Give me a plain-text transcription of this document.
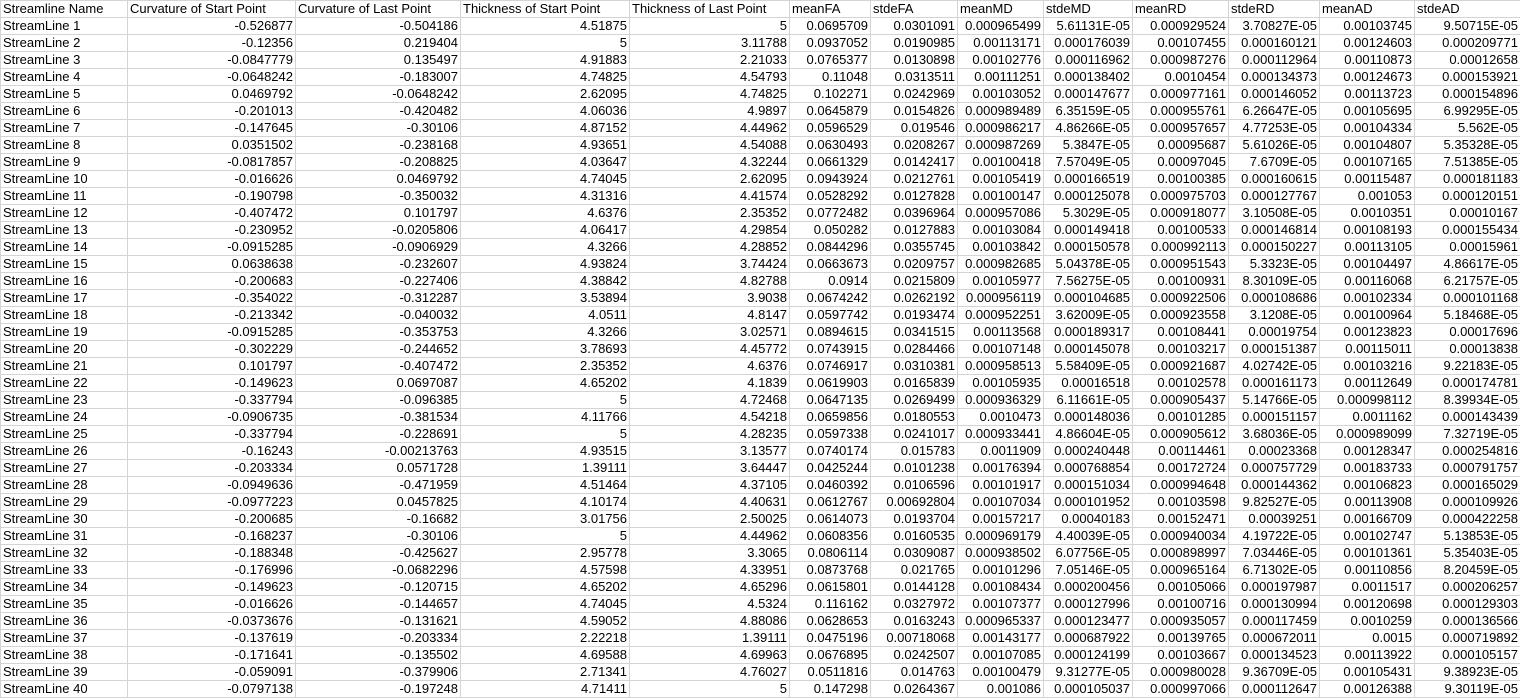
Streamline Name	Curvature of Start Point	Curvature of Last Point	Thickness of Start Point	Thickness of Last Point	meanFA	stdeFA	meanMD	stdeMD	meanRD	stdeRD	meanAD	stdeAD
StreamLine 1	-0.526877	-0.504186	4.51875	5	0.0695709	0.0301091	0.000965499	5.61131E-05	0.000929524	3.70827E-05	0.00103745	9.50715E-05
StreamLine 2	-0.12356	0.219404	5	3.11788	0.0937052	0.0190985	0.00113171	0.000176039	0.00107455	0.000160121	0.00124603	0.000209771
StreamLine 3	-0.0847779	0.135497	4.91883	2.21033	0.0765377	0.0130898	0.00102776	0.000116962	0.000987276	0.000112964	0.00110873	0.00012658
StreamLine 4	-0.0648242	-0.183007	4.74825	4.54793	0.11048	0.0313511	0.00111251	0.000138402	0.0010454	0.000134373	0.00124673	0.000153921
StreamLine 5	0.0469792	-0.0648242	2.62095	4.74825	0.102271	0.0242969	0.00103052	0.000147677	0.000977161	0.000146052	0.00113723	0.000154896
StreamLine 6	-0.201013	-0.420482	4.06036	4.9897	0.0645879	0.0154826	0.000989489	6.35159E-05	0.000955761	6.26647E-05	0.00105695	6.99295E-05
StreamLine 7	-0.147645	-0.30106	4.87152	4.44962	0.0596529	0.019546	0.000986217	4.86266E-05	0.000957657	4.77253E-05	0.00104334	5.562E-05
StreamLine 8	0.0351502	-0.238168	4.93651	4.54088	0.0630493	0.0208267	0.000987269	5.3847E-05	0.00095687	5.61026E-05	0.00104807	5.35328E-05
StreamLine 9	-0.0817857	-0.208825	4.03647	4.32244	0.0661329	0.0142417	0.00100418	7.57049E-05	0.00097045	7.6709E-05	0.00107165	7.51385E-05
StreamLine 10	-0.016626	0.0469792	4.74045	2.62095	0.0943924	0.0212761	0.00105419	0.000166519	0.00100385	0.000160615	0.00115487	0.000181183
StreamLine 11	-0.190798	-0.350032	4.31316	4.41574	0.0528292	0.0127828	0.00100147	0.000125078	0.000975703	0.000127767	0.001053	0.000120151
StreamLine 12	-0.407472	0.101797	4.6376	2.35352	0.0772482	0.0396964	0.000957086	5.3029E-05	0.000918077	3.10508E-05	0.0010351	0.00010167
StreamLine 13	-0.230952	-0.0205806	4.06417	4.29854	0.050282	0.0127883	0.00103084	0.000149418	0.00100533	0.000146814	0.00108193	0.000155434
StreamLine 14	-0.0915285	-0.0906929	4.3266	4.28852	0.0844296	0.0355745	0.00103842	0.000150578	0.000992113	0.000150227	0.00113105	0.00015961
StreamLine 15	0.0638638	-0.232607	4.93824	3.74424	0.0663673	0.0209757	0.000982685	5.04378E-05	0.000951543	5.3323E-05	0.00104497	4.86617E-05
StreamLine 16	-0.200683	-0.227406	4.38842	4.82788	0.0914	0.0215809	0.00105977	7.56275E-05	0.00100931	8.30109E-05	0.00116068	6.21757E-05
StreamLine 17	-0.354022	-0.312287	3.53894	3.9038	0.0674242	0.0262192	0.000956119	0.000104685	0.000922506	0.000108686	0.00102334	0.000101168
StreamLine 18	-0.213342	-0.040032	4.0511	4.8147	0.0597742	0.0193474	0.000952251	3.62009E-05	0.000923558	3.1208E-05	0.00100964	5.18468E-05
StreamLine 19	-0.0915285	-0.353753	4.3266	3.02571	0.0894615	0.0341515	0.00113568	0.000189317	0.00108441	0.00019754	0.00123823	0.00017696
StreamLine 20	-0.302229	-0.244652	3.78693	4.45772	0.0743915	0.0284466	0.00107148	0.000145078	0.00103217	0.000151387	0.00115011	0.00013838
StreamLine 21	0.101797	-0.407472	2.35352	4.6376	0.0746917	0.0310381	0.000958513	5.58409E-05	0.000921687	4.02742E-05	0.00103216	9.22183E-05
StreamLine 22	-0.149623	0.0697087	4.65202	4.1839	0.0619903	0.0165839	0.00105935	0.00016518	0.00102578	0.000161173	0.00112649	0.000174781
StreamLine 23	-0.337794	-0.096385	5	4.72468	0.0647135	0.0269499	0.000936329	6.11661E-05	0.000905437	5.14766E-05	0.000998112	8.39934E-05
StreamLine 24	-0.0906735	-0.381534	4.11766	4.54218	0.0659856	0.0180553	0.0010473	0.000148036	0.00101285	0.000151157	0.0011162	0.000143439
StreamLine 25	-0.337794	-0.228691	5	4.28235	0.0597338	0.0241017	0.000933441	4.86604E-05	0.000905612	3.68036E-05	0.000989099	7.32719E-05
StreamLine 26	-0.16243	-0.00213763	4.93515	3.13577	0.0740174	0.015783	0.0011909	0.000240448	0.00114461	0.00023368	0.00128347	0.000254816
StreamLine 27	-0.203334	0.0571728	1.39111	3.64447	0.0425244	0.0101238	0.00176394	0.000768854	0.00172724	0.000757729	0.00183733	0.000791757
StreamLine 28	-0.0949636	-0.471959	4.51464	4.37105	0.0460392	0.0106596	0.00101917	0.000151034	0.000994648	0.000144362	0.00106823	0.000165029
StreamLine 29	-0.0977223	0.0457825	4.10174	4.40631	0.0612767	0.00692804	0.00107034	0.000101952	0.00103598	9.82527E-05	0.00113908	0.000109926
StreamLine 30	-0.200685	-0.16682	3.01756	2.50025	0.0614073	0.0193704	0.00157217	0.00040183	0.00152471	0.00039251	0.00166709	0.000422258
StreamLine 31	-0.168237	-0.30106	5	4.44962	0.0608356	0.0160535	0.000969179	4.40039E-05	0.000940034	4.19722E-05	0.00102747	5.13853E-05
StreamLine 32	-0.188348	-0.425627	2.95778	3.3065	0.0806114	0.0309087	0.000938502	6.07756E-05	0.000898997	7.03446E-05	0.00101361	5.35403E-05
StreamLine 33	-0.176996	-0.0682296	4.57598	4.33951	0.0873768	0.021765	0.00101296	7.05146E-05	0.000965164	6.71302E-05	0.00110856	8.20459E-05
StreamLine 34	-0.149623	-0.120715	4.65202	4.65296	0.0615801	0.0144128	0.00108434	0.000200456	0.00105066	0.000197987	0.0011517	0.000206257
StreamLine 35	-0.016626	-0.144657	4.74045	4.5324	0.116162	0.0327972	0.00107377	0.000127996	0.00100716	0.000130994	0.00120698	0.000129303
StreamLine 36	-0.0373676	-0.131621	4.59052	4.88086	0.0628653	0.0163243	0.000965337	0.000123477	0.000935057	0.000117459	0.0010259	0.000136566
StreamLine 37	-0.137619	-0.203334	2.22218	1.39111	0.0475196	0.00718068	0.00143177	0.000687922	0.00139765	0.000672011	0.0015	0.000719892
StreamLine 38	-0.171641	-0.135502	4.69588	4.69963	0.0676895	0.0242507	0.00107085	0.000124199	0.00103667	0.000134523	0.00113922	0.000105157
StreamLine 39	-0.059091	-0.379906	2.71341	4.76027	0.0511816	0.014763	0.00100479	9.31277E-05	0.000980028	9.36709E-05	0.00105431	9.38923E-05
StreamLine 40	-0.0797138	-0.197248	4.71411	5	0.147298	0.0264367	0.001086	0.000105037	0.000997066	0.000112647	0.00126388	9.30119E-05
